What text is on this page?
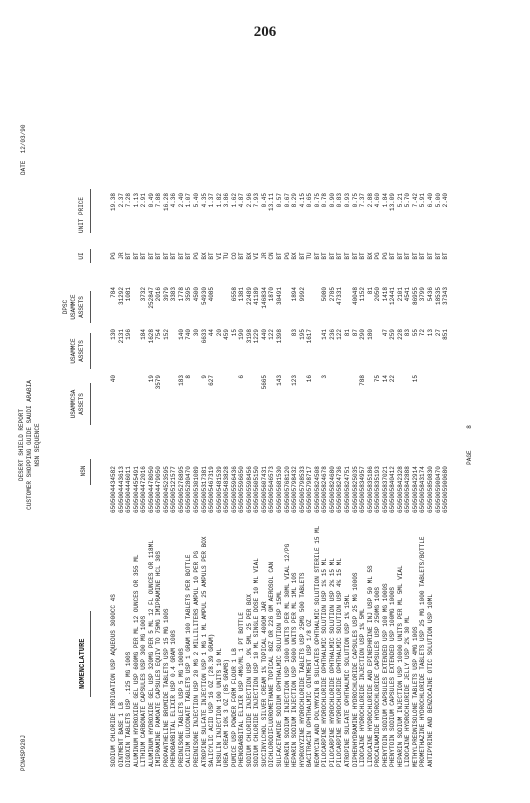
206
PCN4SP920J
DESERT SHIELD REPORT CUSTOMER SHOPPING GUIDE SAUDI ARABIA NSN SEQUENCE
DATE  12/03/90
DPSC
USAMMCSA
USAMMCE
USAMMCE
ASSETS
ASSETS
ASSETS
UI
UNIT PRICE
NOMENCLATURE
NSN
SODIUM CHLORIDE IRRIGATION USP AQUEOUS 3000CC 4S
6505004434582
40
130
784
PG
19.38
OINTMENT BASE 1 LB
6505004443613
2131
31292
JR
2.37
DIGOXIN TABLETS USP .125 MG 100S
6505004446011
196
1081
BT
7.28
ALUMINUM HYDROXIDE GEL USP 600MG PER ML 12 OUNCES OR 355 ML
6505004455491
BT
1.13
LITHIUM CARBONATE CAPSULES USP 300 MG 100S
6505004472016
184
3732
BT
2.91
ALUMINUM HYDROXIDE GEL USP 320MG PER 5 ML 12 FL OUNCES OR 118ML
6505004478050
19
1628
252847
BT
0.49
IMIPRAMINE PAMOATE CAPSULES EQUIV TO 75MG IMIPRAMINE HCL 30S
6505004479050
3579
754
2016
BT
7.88
PROPANTHELINE BROMIDE TABLETS USP 15 MG 100S
6505004523595
152
3979
BT
16.28
PHENOBARBITAL ELIXIR USP 0.4 GRAM 100S
6505005121577
3383
BT
4.36
PREDNISONE TABLETS USP 5 MG 1000S
6505005276895
183
140
1778
BT
2.40
CALCIUM GLUCONATE TABLETS USP 1 GRAM 100 TABLETS PER BOTTLE
6505005280470
8
740
3595
BT
1.07
PREDNISONE INJECTION USP 20 MG 2 MILLILITERS AMPUL 10 PER PG
6505005301089
30
4500
PG
5.40
ATROPINE SULFATE INJECTION USP 1 MG 1 ML AMPUL 25 AMPULS PER BOX
6505005317381
9
6633
54930
BX
4.35
SALICYLIC ACID USP 16 OZ (28.39 GRAM)
6505005467319
627
44
4085
BT
1.37
INSULIN INJECTION 100 UNITS 10 ML
6505005481539
20
VI
1.82
UREA CREAM 10% 3 OZ (85 GRAMS)
6505005483828
459
TU
3.86
PUMICE USP POWDER FORM FLOUR 1 LB
6505005596436
15
6558
CO
1.62
PHENOBARBITAL ELIXIR USP 4MG/ML 1 PT BOTTLE
6505005596650
6
190
1381
BT
4.87
SODIUM CHLORIDE INJECTION USP .9% 5ML 25 PER BOX
6505005598456
3198
22489
BX
2.96
SODIUM CHLORIDE INJECTION USP 10 ML SINGLE DOSE 10 ML VIAL
6505005605150
1229
41189
VI
7.93
SUCCINYLCHOL SILVER CREAM 1% TOPICAL 400GM JAR
6505005607431
5665
440
146834
JR
0.45
DICHLORODIFLUOROMETHANE TOPICAL 8OZ OR 226 GM AEROSOL CAN
6505005646573
122
1870
CN
13.11
SULFACETAMIDE SODIUM OPHTHALMIC SOLUTION USP 15ML
6505005681530
143
1398
30491
BT
0.57
HEPARIN SODIUM INJECTION USP 1000 UNITS PER ML 30ML VIAL 12/PG
6505005768120
PG
0.67
HEPARIN SODIUM INJECTION USP 5000 UNITS PER ML 1ML 10S
6505005798432
123
83
1894
BX
8.29
HYDROXYZINE HYDROCHLORIDE TABLETS USP 25MG 500 TABLETS
6505005798533
195
9992
BT
4.15
BACITRACIN OPHTHALMIC OINTMENT USP 1/8 OZ
6505005798717
16
1617
TU
0.65
NEOMYCIN AND POLYMYXIN B SULFATES OPHTHALMIC SOLUTION STERILE 15 ML
6505005824508
BT
0.75
PILOCARPINE HYDROCHLORIDE OPHTHALMIC SOLUTION USP 1% 15 ML
6505005824678
3
141
5080
BT
0.78
PILOCARPINE HYDROCHLORIDE OPHTHALMIC SOLUTION USP 2% 15 ML
6505005824680
236
2785
BT
0.90
PILOCARPINE HYDROCHLORIDE OPHTHALMIC SOLUTION USP 4% 15 ML
6505005824736
122
47331
BT
0.83
ATROPINE SULFATE OPHTHALMIC SOLUTION USP 1% 15ML
6505005824751
81
BT
0.93
DIPHENHYDRAMINE HYDROCHLORIDE CAPSULES USP 25 MG 1000S
6505005825035
87
40048
BT
0.75
LIDOCAINE HYDROCHLORIDE INJECTION USP 1% 5ML
6505005834957
788
290
1152
BT
7.37
LIDOCAINE HYDROCHLORIDE AND EPINEPHRINE INJ USP 50 ML 5S
6505005835186
180
81
BX
2.88
PROCAINAMIDE HYDROCHLORIDE CAPSULES USP 250MG 100S
6505005835193
75
2050
PG
4.60
PHENYTOIN SODIUM CAPSULES EXTENDED USP 100 MG 1000S
6505005837021
14
47
1418
PG
1.84
PHENYTOIN SODIUM CAPSULES EXTENDED USP 100MG 1000S
6505005840412
22
259
12441
BT
13.09
HEPARIN SODIUM INJECTION USP 10000 UNITS PER ML 5ML VIAL
6505005842328
228
2101
BT
5.21
LIDOCAINE HYDROCHLORIDE JELLY USP 2% 30 ML
6505005842888
83
4541
BT
5.70
METHYLPREDNISOLONE TABLETS USP 4MG 100S
6505005842914
15
55
86955
BT
7.42
PROMETHAZINE HYDROCHLORIDE TABLETS USP 25 MG 1000 TABLETS/BOTTLE
6505005843174
72
3799
BT
5.91
ANTIPYRINE AND BENZOCAINE OTIC SOLUTION USP 10ML
6505005850830
13
5436
BT
6.40
6505005900470
27
18535
BT
5.00
6505005900680
851
37343
BT
2.40
PAGE      8
